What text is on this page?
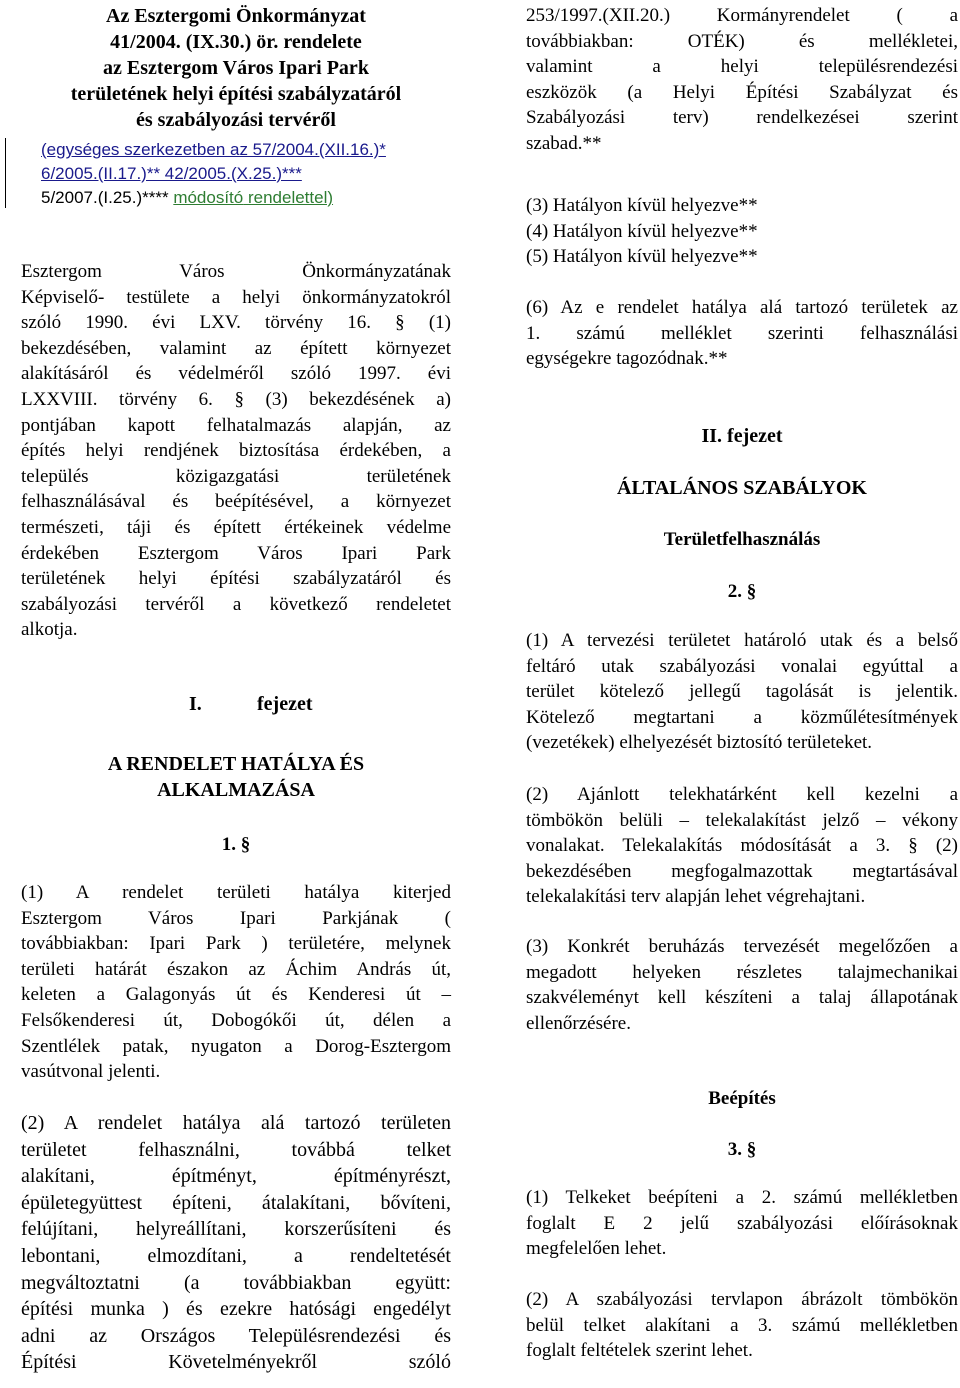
Az Esztergomi Önkormányzat
41/2004. (IX.30.) ör. rendelete
az Esztergom Város Ipari Park
területének helyi építési szabályzatáról
és szabályozási tervéről
(egységes szerkezetben az 57/2004.(XII.16.)*
6/2005.(II.17.)** 42/2005.(X.25.)***
5/2007.(I.25.)**** módosító rendelettel)
Esztergom Város Önkormányzatának
Képviselő- testülete a helyi önkormányzatokról
szóló 1990. évi LXV. törvény 16. § (1)
bekezdésében, valamint az épített környezet
alakításáról és védelméről szóló 1997. évi
LXXVIII. törvény 6. § (3) bekezdésének a)
pontjában kapott felhatalmazás alapján, az
építés helyi rendjének biztosítása érdekében, a
település közigazgatási területének
felhasználásával és beépítésével, a környezet
természeti, táji és épített értékeinek védelme
érdekében Esztergom Város Ipari Park
területének helyi építési szabályzatáról és
szabályozási tervéről a következő rendeletet
alkotja.
I.	fejezet
A RENDELET HATÁLYA ÉS
ALKALMAZÁSA
1. §
(1) A rendelet területi hatálya kiterjed
Esztergom Város Ipari Parkjának (
továbbiakban: Ipari Park ) területére, melynek
területi határát északon az Áchim András út,
keleten a Galagonyás út és Kenderesi út –
Felsőkenderesi út, Dobogókői út, délen a
Szentlélek patak, nyugaton a Dorog-Esztergom
vasútvonal jelenti.
(2) A rendelet hatálya alá tartozó területen
területet felhasználni, továbbá telket
alakítani, építményt, építményrészt,
épületegyüttest építeni, átalakítani, bővíteni,
felújítani, helyreállítani, korszerűsíteni és
lebontani, elmozdítani, a rendeltetését
megváltoztatni (a továbbiakban együtt:
építési munka ) és ezekre hatósági engedélyt
adni az Országos Településrendezési és
Építési Követelményekről szóló
253/1997.(XII.20.) Kormányrendelet ( a
továbbiakban: OTÉK) és mellékletei,
valamint a helyi településrendezési
eszközök (a Helyi Építési Szabályzat és
Szabályozási terv) rendelkezései szerint
szabad.**
(3) Hatályon kívül helyezve**
(4) Hatályon kívül helyezve**
(5) Hatályon kívül helyezve**
(6) Az e rendelet hatálya alá tartozó területek az
1. számú melléklet szerinti felhasználási
egységekre tagozódnak.**
II. fejezet
ÁLTALÁNOS SZABÁLYOK
Területfelhasználás
2. §
(1) A tervezési területet határoló utak és a belső
feltáró utak szabályozási vonalai egyúttal a
terület kötelező jellegű tagolását is jelentik.
Kötelező megtartani a közműlétesítmények
(vezetékek) elhelyezését biztosító területeket.
(2) Ajánlott telekhatárként kell kezelni a
tömbökön belüli – telekalakítást jelző – vékony
vonalakat. Telekalakítás módosítását a 3. § (2)
bekezdésében megfogalmazottak megtartásával
telekalakítási terv alapján lehet végrehajtani.
(3) Konkrét beruházás tervezését megelőzően a
megadott helyeken részletes talajmechanikai
szakvéleményt kell készíteni a talaj állapotának
ellenőrzésére.
Beépítés
3. §
(1) Telkeket beépíteni a 2. számú mellékletben
foglalt E 2 jelű szabályozási előírásoknak
megfelelően lehet.
(2) A szabályozási tervlapon ábrázolt tömbökön
belül telket alakítani a 3. számú mellékletben
foglalt feltételek szerint lehet.
